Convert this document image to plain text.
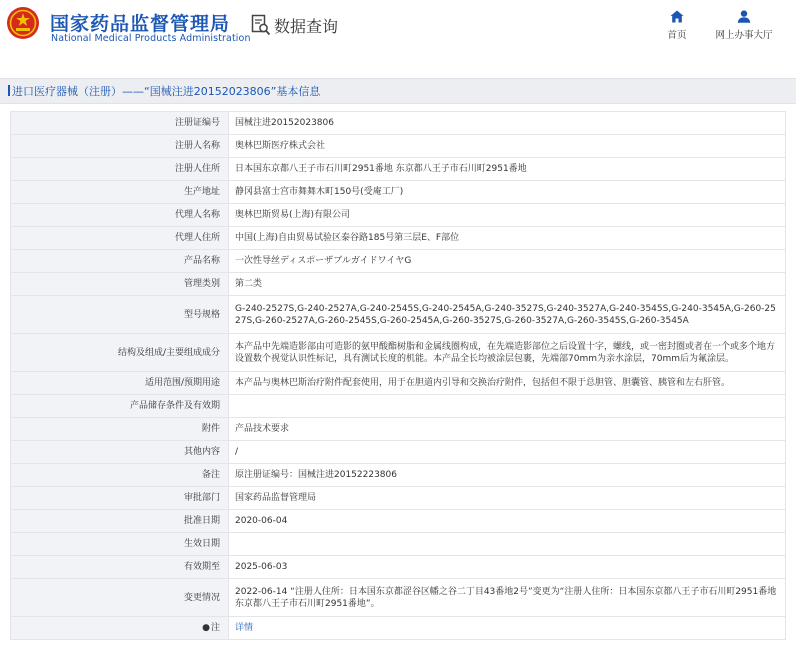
国家药品监督管理局
National Medical Products Administration
数据查询	首页	网上办事大厅
进口医疗器械（注册）——“国械注进20152023806”基本信息
注册证编号	国械注进20152023806
注册人名称	奥林巴斯医疗株式会社
注册人住所	日本国东京都八王子市石川町2951番地 东京都八王子市石川町2951番地
生产地址	静冈县富士宫市舞舞木町150号(受庵工厂)
代理人名称	奥林巴斯贸易(上海)有限公司
代理人住所	中国(上海)自由贸易试验区泰谷路185号第三层E、F部位
产品名称	一次性导丝ディスポーザブルガイドワイヤG
管理类别	第二类
型号规格	G-240-2527S,G-240-2527A,G-240-2545S,G-240-2545A,G-240-3527S,G-240-3527A,G-240-3545S,G-240-3545A,G-260-2527S,G-260-2527A,G-260-2545S,G-260-2545A,G-260-3527S,G-260-3527A,G-260-3545S,G-260-3545A
结构及组成/主要组成成分	本产品中先端造影部由可造影的氨甲酸酯树脂和金属线圈构成，在先端造影部位之后设置十字，螺线，或一密封圈或者在一个或多个地方设置数个视觉认识性标记，具有测试长度的机能。本产品全长均被涂层包裹，先端部70mm为亲水涂层，70mm后为氟涂层。
适用范围/预期用途	本产品与奥林巴斯治疗附件配套使用，用于在胆道内引导和交换治疗附件，包括但不限于总胆管、胆囊管、胰管和左右肝管。
产品储存条件及有效期	
附件	产品技术要求
其他内容	/
备注	原注册证编号：国械注进20152223806
审批部门	国家药品监督管理局
批准日期	2020-06-04
生效日期	
有效期至	2025-06-03
变更情况	2022-06-14 “注册人住所：日本国东京都涩谷区幡之谷二丁目43番地2号”变更为“注册人住所：日本国东京都八王子市石川町2951番地 东京都八王子市石川町2951番地”。
●注	详情
